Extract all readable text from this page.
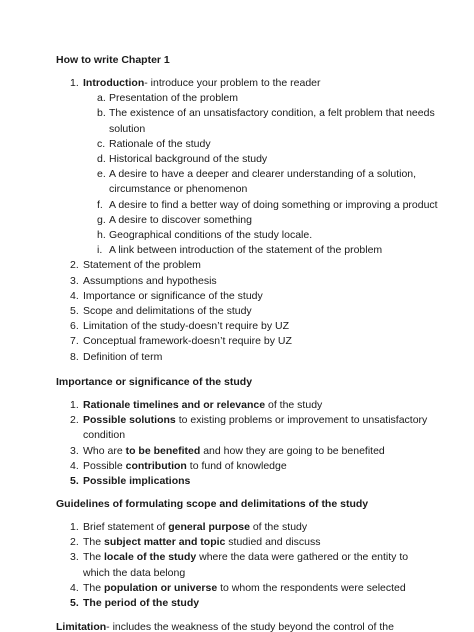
How to write Chapter 1
1. Introduction- introduce your problem to the reader
a. Presentation of the problem
b. The existence of an unsatisfactory condition, a felt problem that needs solution
c. Rationale of the study
d. Historical background of the study
e. A desire to have a deeper and clearer understanding of a solution, circumstance or phenomenon
f. A desire to find a better way of doing something or improving a product
g. A desire to discover something
h. Geographical conditions of the study locale.
i. A link between introduction of the statement of the problem
2. Statement of the problem
3. Assumptions and hypothesis
4. Importance or significance of the study
5. Scope and delimitations of the study
6. Limitation of the study-doesn’t require by UZ
7. Conceptual framework-doesn’t require by UZ
8. Definition of term
Importance or significance of the study
1. Rationale timelines and or relevance of the study
2. Possible solutions to existing problems or improvement to unsatisfactory condition
3. Who are to be benefited and how they are going to be benefited
4. Possible contribution to fund of knowledge
5. Possible implications
Guidelines of formulating scope and delimitations of the study
1. Brief statement of general purpose of the study
2. The subject matter and topic studied and discuss
3. The locale of the study where the data were gathered or the entity to which the data belong
4. The population or universe to whom the respondents were selected
5. The period of the study
Limitation- includes the weakness of the study beyond the control of the
